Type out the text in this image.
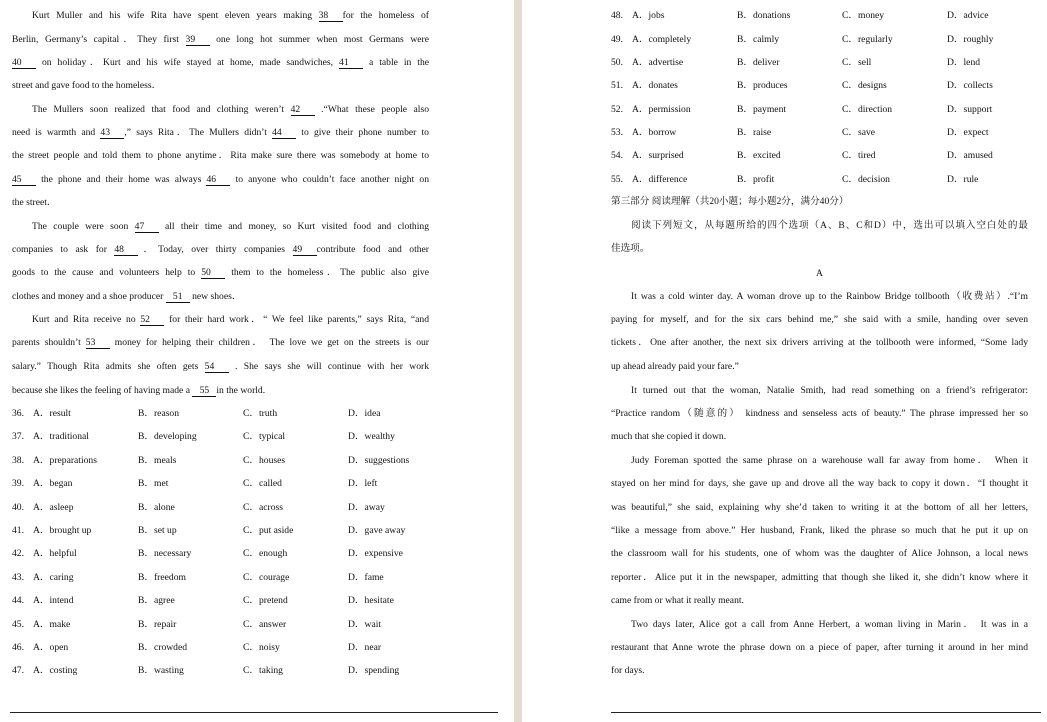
Kurt Muller and his wife Rita have spent eleven years making 38 for the homeless of
Berlin, Germany’s capital．They first 39 one long hot summer when most Germans were
40 on holiday．Kurt and his wife stayed at home, made sandwiches, 41 a table in the
street and gave food to the homeless．
The Mullers soon realized that food and clothing weren’t 42 .“What these people also
need is warmth and 43 ,” says Rita．The Mullers didn’t 44 to give their phone number to
the street people and told them to phone anytime．Rita make sure there was somebody at home to
45 the phone and their home was always 46 to anyone who couldn’t face another night on
the street．
The couple were soon 47 all their time and money, so Kurt visited food and clothing
companies to ask for 48 ．Today, over thirty companies 49 contribute food and other
goods to the cause and volunteers help to 50 them to the homeless．The public also give
clothes and money and a shoe producer 51 new shoes．
Kurt and Rita receive no 52 for their hard work．“ We feel like parents,” says Rita, “and
parents shouldn’t 53 money for helping their children． The love we get on the streets is our
salary.” Though Rita admits she often gets 54 . She says she will continue with her work
because she likes the feeling of having made a 55 in the world.
36. A．result	B．reason	C．truth	D．idea
37. A．traditional	B．developing	C．typical	D．wealthy
38. A．preparations	B．meals	C．houses	D．suggestions
39. A．began	B．met	C．called	D．left
40. A．asleep	B．alone	C．across	D．away
41. A．brought up	B．set up	C．put aside	D．gave away
42. A．helpful	B．necessary	C．enough	D．expensive
43. A．caring	B．freedom	C．courage	D．fame
44. A．intend	B．agree	C．pretend	D．hesitate
45. A．make	B．repair	C．answer	D．wait
46. A．open	B．crowded	C．noisy	D．near
47. A．costing	B．wasting	C．taking	D．spending
48. A．jobs	B．donations	C．money	D．advice
49. A．completely	B．calmly	C．regularly	D．roughly
50. A．advertise	B．deliver	C．sell	D．lend
51. A．donates	B．produces	C．designs	D．collects
52. A．permission	B．payment	C．direction	D．support
53. A．borrow	B．raise	C．save	D．expect
54. A．surprised	B．excited	C．tired	D．amused
55. A．difference	B．profit	C．decision	D．rule
第三部分 阅读理解（共20小题；每小题2分，满分40分）
阅读下列短文，从每题所给的四个选项（A、B、C和D）中，选出可以填入空白处的最
佳选项。
A
It was a cold winter day. A woman drove up to the Rainbow Bridge tollbooth（收费站）.“I’m
paying for myself, and for the six cars behind me,” she said with a smile, handing over seven
tickets．One after another, the next six drivers arriving at the tollbooth were informed, “Some lady
up ahead already paid your fare.”
It turned out that the woman, Natalie Smith, had read something on a friend’s refrigerator:
“Practice random（随意的） kindness and senseless acts of beauty.” The phrase impressed her so
much that she copied it down.
Judy Foreman spotted the same phrase on a warehouse wall far away from home． When it
stayed on her mind for days, she gave up and drove all the way back to copy it down．“I thought it
was beautiful,” she said, explaining why she’d taken to writing it at the bottom of all her letters,
“like a message from above.” Her husband, Frank, liked the phrase so much that he put it up on
the classroom wall for his students, one of whom was the daughter of Alice Johnson, a local news
reporter．Alice put it in the newspaper, admitting that though she liked it, she didn’t know where it
came from or what it really meant.
Two days later, Alice got a call from Anne Herbert, a woman living in Marin． It was in a
restaurant that Anne wrote the phrase down on a piece of paper, after turning it around in her mind
for days.
